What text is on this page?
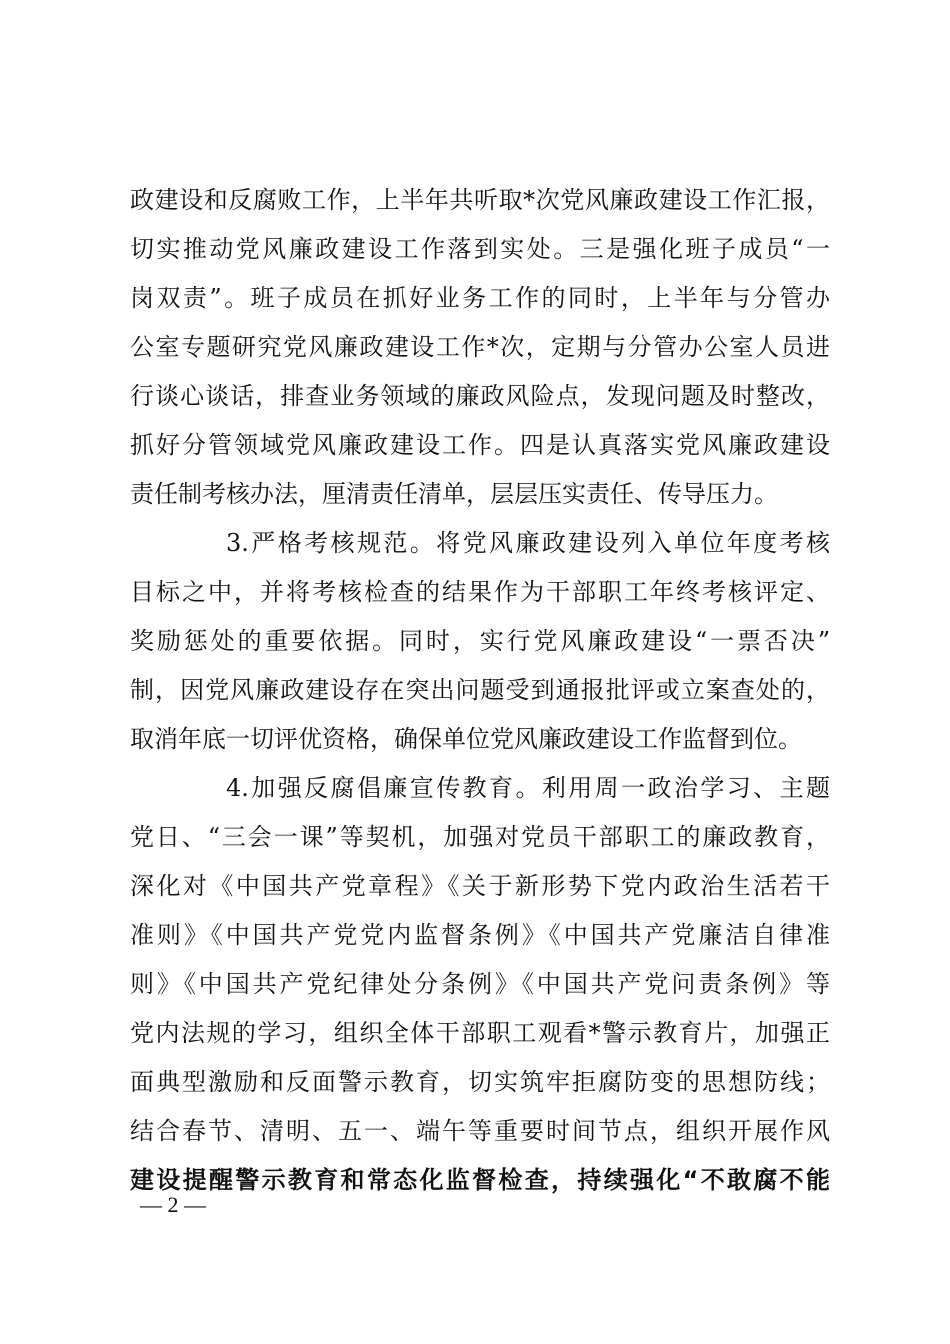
政建设和反腐败工作，上半年共听取*次党风廉政建设工作汇报，
切实推动党风廉政建设工作落到实处。三是强化班子成员“一
岗双责”。班子成员在抓好业务工作的同时，上半年与分管办
公室专题研究党风廉政建设工作*次，定期与分管办公室人员进
行谈心谈话，排查业务领域的廉政风险点，发现问题及时整改，
抓好分管领域党风廉政建设工作。四是认真落实党风廉政建设
责任制考核办法，厘清责任清单，层层压实责任、传导压力。
3.严格考核规范。将党风廉政建设列入单位年度考核
目标之中，并将考核检查的结果作为干部职工年终考核评定、
奖励惩处的重要依据。同时，实行党风廉政建设“一票否决”
制，因党风廉政建设存在突出问题受到通报批评或立案查处的，
取消年底一切评优资格，确保单位党风廉政建设工作监督到位。
4.加强反腐倡廉宣传教育。利用周一政治学习、主题
党日、“三会一课”等契机，加强对党员干部职工的廉政教育，
深化对《中国共产党章程》《关于新形势下党内政治生活若干
准则》《中国共产党党内监督条例》《中国共产党廉洁自律准
则》《中国共产党纪律处分条例》《中国共产党问责条例》等
党内法规的学习，组织全体干部职工观看*警示教育片，加强正
面典型激励和反面警示教育，切实筑牢拒腐防变的思想防线；
结合春节、清明、五一、端午等重要时间节点，组织开展作风
建设提醒警示教育和常态化监督检查，持续强化“不敢腐不能
— 2 —
